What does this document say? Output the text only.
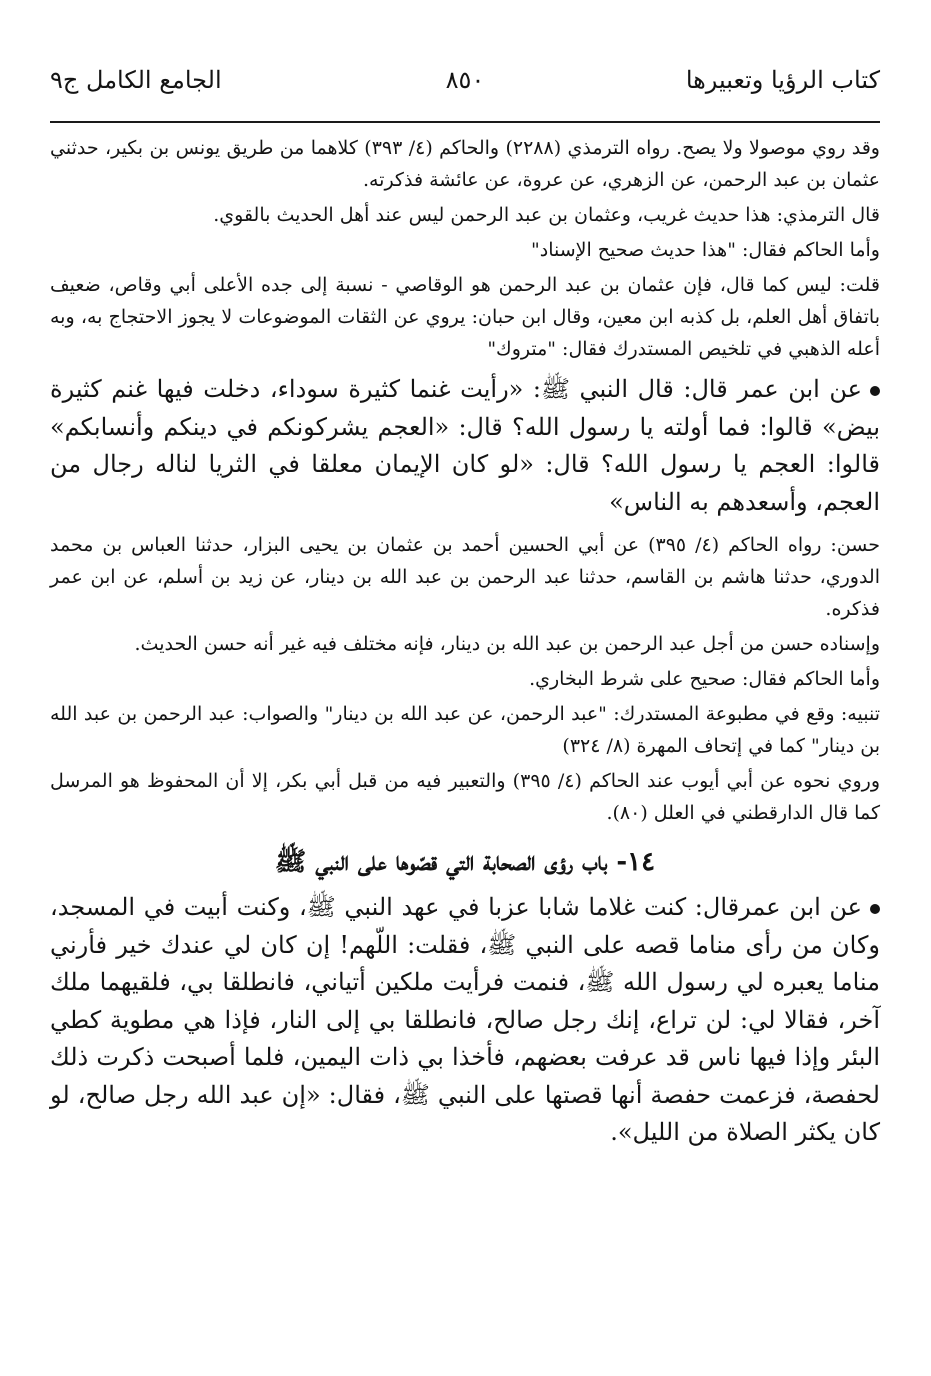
كتاب الرؤيا وتعبيرها
٨٥٠
الجامع الكامل ج٩

وقد روي موصولا ولا يصح. رواه الترمذي (٢٢٨٨) والحاكم (٤/ ٣٩٣) كلاهما من طريق يونس بن بكير، حدثني عثمان بن عبد الرحمن، عن الزهري، عن عروة، عن عائشة فذكرته.

قال الترمذي: هذا حديث غريب، وعثمان بن عبد الرحمن ليس عند أهل الحديث بالقوي.

وأما الحاكم فقال: "هذا حديث صحيح الإسناد"

قلت: ليس كما قال، فإن عثمان بن عبد الرحمن هو الوقاصي - نسبة إلى جده الأعلى أبي وقاص، ضعيف باتفاق أهل العلم، بل كذبه ابن معين، وقال ابن حبان: يروي عن الثقات الموضوعات لا يجوز الاحتجاج به، وبه أعله الذهبي في تلخيص المستدرك فقال: "متروك"

عن ابن عمر قال: قال النبي ﷺ: «رأيت غنما كثيرة سوداء، دخلت فيها غنم كثيرة بيض» قالوا: فما أولته يا رسول الله؟ قال: «العجم يشركونكم في دينكم وأنسابكم» قالوا: العجم يا رسول الله؟ قال: «لو كان الإيمان معلقا في الثريا لناله رجال من العجم، وأسعدهم به الناس»

حسن: رواه الحاكم (٤/ ٣٩٥) عن أبي الحسين أحمد بن عثمان بن يحيى البزار، حدثنا العباس بن محمد الدوري، حدثنا هاشم بن القاسم، حدثنا عبد الرحمن بن عبد الله بن دينار، عن زيد بن أسلم، عن ابن عمر فذكره.

وإسناده حسن من أجل عبد الرحمن بن عبد الله بن دينار، فإنه مختلف فيه غير أنه حسن الحديث.

وأما الحاكم فقال: صحيح على شرط البخاري.

تنبيه: وقع في مطبوعة المستدرك: "عبد الرحمن، عن عبد الله بن دينار" والصواب: عبد الرحمن بن عبد الله بن دينار" كما في إتحاف المهرة (٨/ ٣٢٤)

وروي نحوه عن أبي أيوب عند الحاكم (٤/ ٣٩٥) والتعبير فيه من قبل أبي بكر، إلا أن المحفوظ هو المرسل كما قال الدارقطني في العلل (٨٠).

١٤- باب رؤى الصحابة التي قصّوها على النبي ﷺ

عن ابن عمرقال: كنت غلاما شابا عزبا في عهد النبي ﷺ، وكنت أبيت في المسجد، وكان من رأى مناما قصه على النبي ﷺ، فقلت: اللّهم! إن كان لي عندك خير فأرني مناما يعبره لي رسول الله ﷺ، فنمت فرأيت ملكين أتياني، فانطلقا بي، فلقيهما ملك آخر، فقالا لي: لن تراع، إنك رجل صالح، فانطلقا بي إلى النار، فإذا هي مطوية كطي البئر وإذا فيها ناس قد عرفت بعضهم، فأخذا بي ذات اليمين، فلما أصبحت ذكرت ذلك لحفصة، فزعمت حفصة أنها قصتها على النبي ﷺ، فقال: «إن عبد الله رجل صالح، لو كان يكثر الصلاة من الليل».
